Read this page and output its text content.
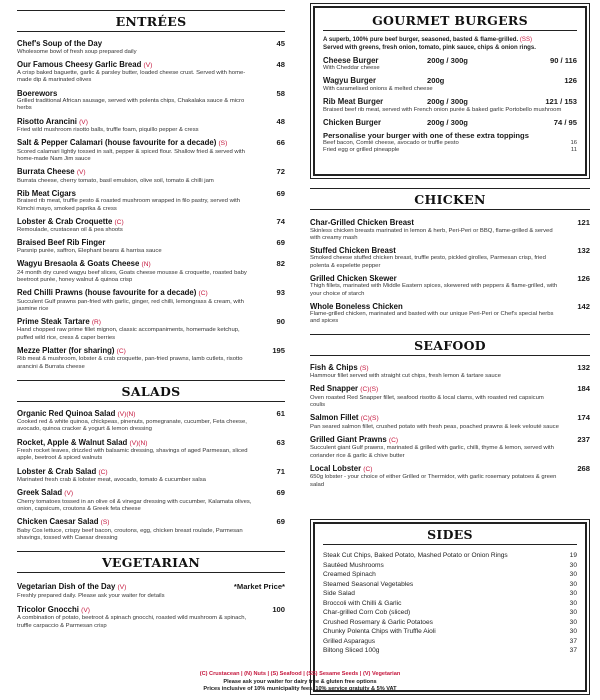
ENTRÉES
Chef's Soup of the Day
Wholesome bowl of fresh soup prepared daily
45
Our Famous Cheesy Garlic Bread (V)
A crisp baked baguette, garlic & parsley butter, loaded cheese crust. Served with home-made dip & marinated olives
48
Boerewors
Grilled traditional African sausage, served with polenta chips, Chakalaka sauce & micro herbs
58
Risotto Arancini (V)
Fried wild mushroom risotto balls, truffle foam, piquillo pepper & cress
48
Salt & Pepper Calamari (house favourite for a decade) (S)
Scored calamari lightly tossed in salt, pepper & spiced flour. Shallow fried & served with home-made Nam Jim sauce
66
Burrata Cheese (V)
Burrata cheese, cherry tomato, basil emulsion, olive soil, tomato & chilli jam
72
Rib Meat Cigars
Braised rib meat, truffle pesto & roasted mushroom wrapped in filo pastry, served with Kimchi mayo, smoked paprika & cress
69
Lobster & Crab Croquette (C)
Remoulade, crustacean oil & pea shoots
74
Braised Beef Rib Finger
Parsnip purée, saffron, Elephant beans & harrisa sauce
69
Wagyu Bresaola & Goats Cheese (N)
24 month dry cured wagyu beef slices, Goats cheese mousse & croquette, roasted baby beetroot purée, honey walnut & quinoa crisp
82
Red Chilli Prawns (house favourite for a decade) (C)
Succulent Gulf prawns pan-fried with garlic, ginger, red chilli, lemongrass & cream, with jasmine rice
93
Prime Steak Tartare (R)
Hand chopped raw prime fillet mignon, classic accompaniments, homemade ketchup, puffed wild rice, cress & caper berries
90
Mezze Platter (for sharing) (C)
Rib meat & mushroom, lobster & crab croquette, pan-fried prawns, lamb cutlets, risotto arancini & Burrata cheese
195
SALADS
Organic Red Quinoa Salad (V)(N)
Cooked red & white quinoa, chickpeas, pinenuts, pomegranate, cucumber, Feta cheese, avocado, quinoa cracker & yogurt & lemon dressing
61
Rocket, Apple & Walnut Salad (V)(N)
Fresh rocket leaves, drizzled with balsamic dressing, shavings of aged Parmesan, sliced apple, beetroot & spiced walnuts
63
Lobster & Crab Salad (C)
Marinated fresh crab & lobster meat, avocado, tomato & cucumber salsa
71
Greek Salad (V)
Cherry tomatoes tossed in an olive oil & vinegar dressing with cucumber, Kalamata olives, onion, capsicum, croutons & Greek feta cheese
69
Chicken Caesar Salad (S)
Baby Cos lettuce, crispy beef bacon, croutons, egg, chicken breast roulade, Parmesan shavings, tossed with Caesar dressing
69
VEGETARIAN
Vegetarian Dish of the Day (V)
Freshly prepared daily. Please ask your waiter for details
*Market Price*
Tricolor Gnocchi (V)
A combination of potato, beetroot & spinach gnocchi, roasted wild mushroom & spinach, truffle carpaccio & Parmesan crisp
100
GOURMET BURGERS
A superb, 100% pure beef burger, seasoned, basted & flame-grilled. (SS)
Served with greens, fresh onion, tomato, pink sauce, chips & onion rings.
Cheese Burger	200g / 300g	90 / 116
With Cheddar cheese
Wagyu Burger	200g	126
With caramelised onions & melted cheese
Rib Meat Burger	200g / 300g	121 / 153
Braised beef rib meat, served with French onion purée & baked garlic Portobello mushroom
Chicken Burger	200g / 300g	74 / 95
Personalise your burger with one of these extra toppings
Beef bacon, Comté cheese, avocado or truffle pesto	16
Fried egg or grilled pineapple	11
CHICKEN
Char-Grilled Chicken Breast
Skinless chicken breasts marinated in lemon & herb, Peri-Peri or BBQ, flame-grilled & served with creamy mash
121
Stuffed Chicken Breast
Smoked cheese stuffed chicken breast, truffle pesto, pickled girolles, Parmesan crisp, fried polenta & espelette pepper
132
Grilled Chicken Skewer
Thigh fillets, marinated with Middle Eastern spices, skewered with peppers & flame-grilled, with your choice of starch
126
Whole Boneless Chicken
Flame-grilled chicken, marinated and basted with our unique Peri-Peri or Chef's special herbs and spices
142
SEAFOOD
Fish & Chips (S)
Hammour fillet served with straight cut chips, fresh lemon & tartare sauce
132
Red Snapper (C)(S)
Oven roasted Red Snapper fillet, seafood risotto & local clams, with roasted red capsicum coulis
184
Salmon Fillet (C)(S)
Pan seared salmon fillet, crushed potato with fresh peas, poached prawns & leek velouté sauce
174
Grilled Giant Prawns (C)
Succulent giant Gulf prawns, marinated & grilled with garlic, chilli, thyme & lemon, served with coriander rice & garlic & chive butter
237
Local Lobster (C)
650g lobster - your choice of either Grilled or Thermidor, with garlic rosemary potatoes & green salad
268
SIDES
Steak Cut Chips, Baked Potato, Mashed Potato or Onion Rings	19
Sautéed Mushrooms	30
Creamed Spinach	30
Steamed Seasonal Vegetables	30
Side Salad	30
Broccoli with Chilli & Garlic	30
Char-grilled Corn Cob (sliced)	30
Crushed Rosemary & Garlic Potatoes	30
Chunky Polenta Chips with Truffle Aioli	30
Grilled Asparagus	37
Biltong Sliced 100g	37
(C) Crustacean | (N) Nuts | (S) Seafood | (SS) Sesame Seeds | (V) Vegetarian
Please ask your waiter for dairy free & gluten free options
Prices inclusive of 10% municipality fees, 10% service gratuity & 5% VAT
